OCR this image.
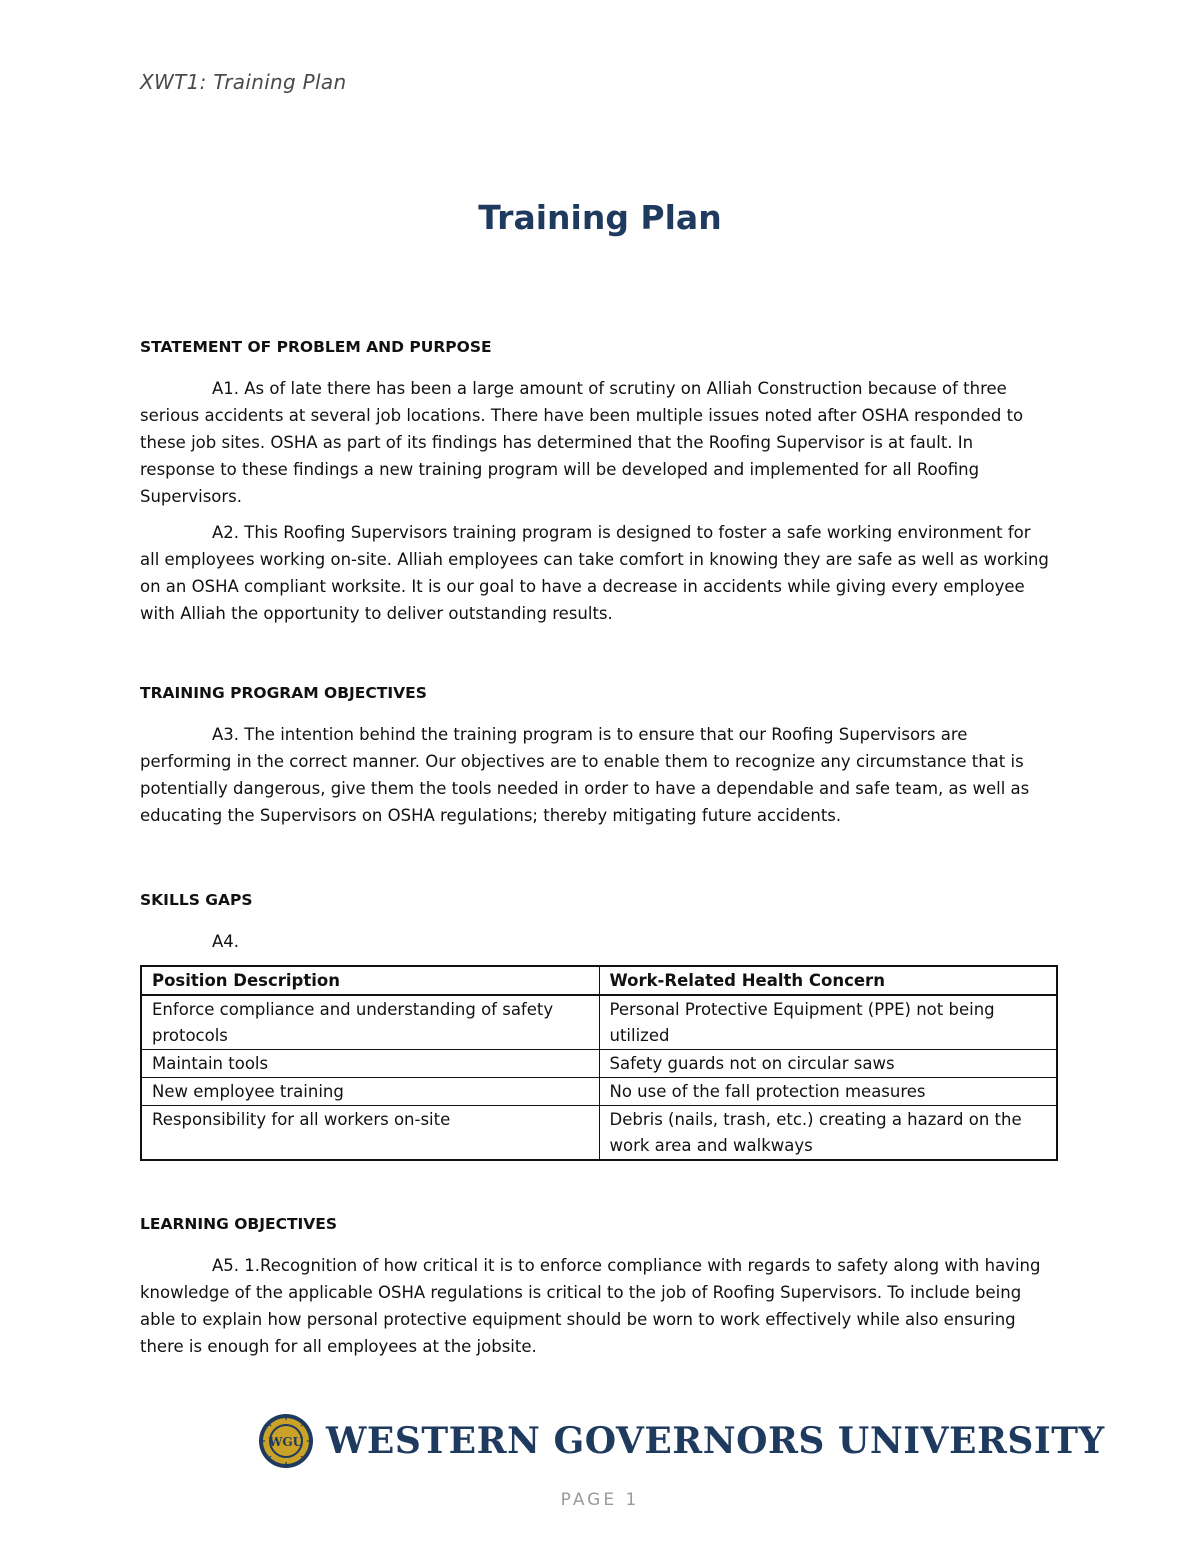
XWT1: Training Plan
Training Plan

STATEMENT OF PROBLEM AND PURPOSE

A1. As of late there has been a large amount of scrutiny on Alliah Construction because of three serious accidents at several job locations. There have been multiple issues noted after OSHA responded to these job sites. OSHA as part of its findings has determined that the Roofing Supervisor is at fault. In response to these findings a new training program will be developed and implemented for all Roofing Supervisors.

A2. This Roofing Supervisors training program is designed to foster a safe working environment for all employees working on-site. Alliah employees can take comfort in knowing they are safe as well as working on an OSHA compliant worksite. It is our goal to have a decrease in accidents while giving every employee with Alliah the opportunity to deliver outstanding results.

TRAINING PROGRAM OBJECTIVES

A3. The intention behind the training program is to ensure that our Roofing Supervisors are performing in the correct manner. Our objectives are to enable them to recognize any circumstance that is potentially dangerous, give them the tools needed in order to have a dependable and safe team, as well as educating the Supervisors on OSHA regulations; thereby mitigating future accidents.

SKILLS GAPS

A4.

Position Description	Work-Related Health Concern
Enforce compliance and understanding of safety protocols	Personal Protective Equipment (PPE) not being utilized
Maintain tools	Safety guards not on circular saws
New employee training	No use of the fall protection measures
Responsibility for all workers on-site	Debris (nails, trash, etc.) creating a hazard on the work area and walkways

LEARNING OBJECTIVES

A5. 1.Recognition of how critical it is to enforce compliance with regards to safety along with having knowledge of the applicable OSHA regulations is critical to the job of Roofing Supervisors. To include being able to explain how personal protective equipment should be worn to work effectively while also ensuring there is enough for all employees at the jobsite.

WGU WESTERN GOVERNORS UNIVERSITY
PAGE 1
